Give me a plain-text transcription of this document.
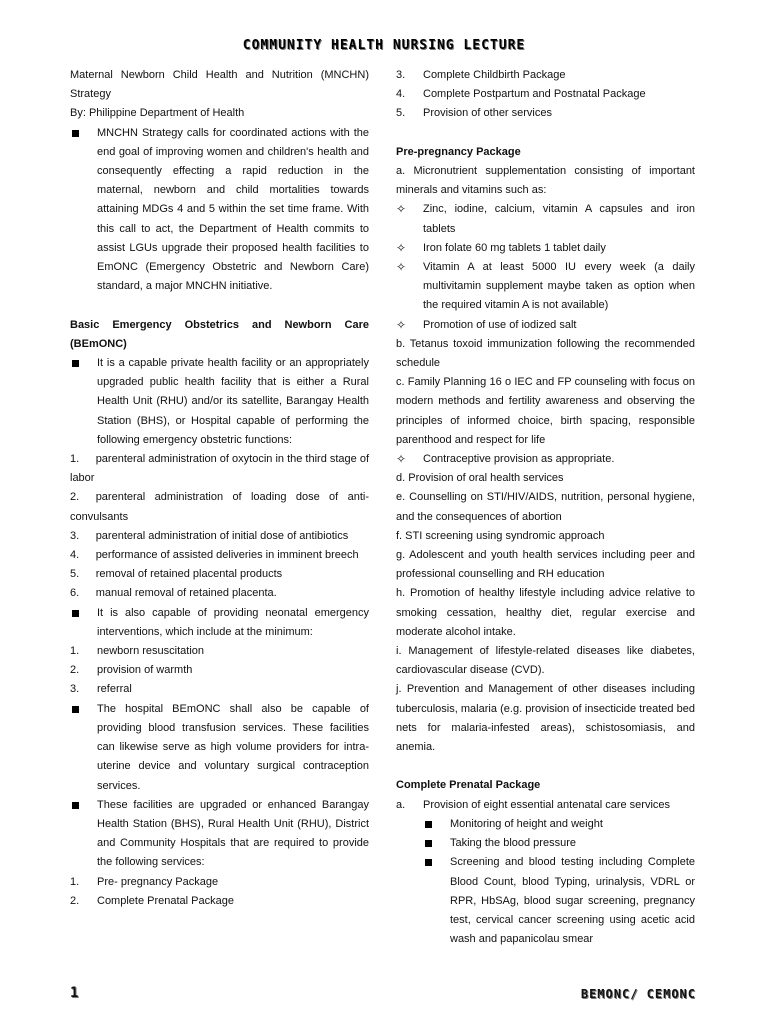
COMMUNITY HEALTH NURSING LECTURE

Maternal Newborn Child Health and Nutrition (MNCHN) Strategy

By: Philippine Department of Health

MNCHN Strategy calls for coordinated actions with the end goal of improving women and children's health and consequently effecting a rapid reduction in the maternal, newborn and child mortalities towards attaining MDGs 4 and 5 within the set time frame. With this call to act, the Department of Health commits to assist LGUs upgrade their proposed health facilities to EmONC (Emergency Obstetric and Newborn Care) standard, a major MNCHN initiative.

Basic Emergency Obstetrics and Newborn Care (BEmONC)

It is a capable private health facility or an appropriately upgraded public health facility that is either a Rural Health Unit (RHU) and/or its satellite, Barangay Health Station (BHS), or Hospital capable of performing the following emergency obstetric functions:

1.   parenteral administration of oxytocin in the third stage of labor

2.   parenteral administration of loading dose of anti-convulsants

3.   parenteral administration of initial dose of antibiotics

4.   performance of assisted deliveries in imminent breech

5.   removal of retained placental products

6.   manual removal of retained placenta.

It is also capable of providing neonatal emergency interventions, which include at the minimum:
1. newborn resuscitation
2. provision of warmth
3. referral
The hospital BEmONC shall also be capable of providing blood transfusion services. These facilities can likewise serve as high volume providers for intra-uterine device and voluntary surgical contraception services.
These facilities are upgraded or enhanced Barangay Health Station (BHS), Rural Health Unit (RHU), District and Community Hospitals that are required to provide the following services:
1. Pre- pregnancy Package
2. Complete Prenatal Package
3. Complete Childbirth Package
4. Complete Postpartum and Postnatal Package
5. Provision of other services

Pre-pregnancy Package

a. Micronutrient supplementation consisting of important minerals and vitamins such as:

✧ Zinc, iodine, calcium, vitamin A capsules and iron tablets
✧ Iron folate 60 mg tablets 1 tablet daily
✧ Vitamin A at least 5000 IU every week (a daily multivitamin supplement maybe taken as option when the required vitamin A is not available)
✧ Promotion of use of iodized salt

b. Tetanus toxoid immunization following the recommended schedule

c. Family Planning 16 o IEC and FP counseling with focus on modern methods and fertility awareness and observing the principles of informed choice, birth spacing, responsible parenthood and respect for life

✧ Contraceptive provision as appropriate.

d. Provision of oral health services

e. Counselling on STI/HIV/AIDS, nutrition, personal hygiene, and the consequences of abortion

f. STI screening using syndromic approach

g. Adolescent and youth health services including peer and professional counselling and RH education

h. Promotion of healthy lifestyle including advice relative to smoking cessation, healthy diet, regular exercise and moderate alcohol intake.

i. Management of lifestyle-related diseases like diabetes, cardiovascular disease (CVD).

j. Prevention and Management of other diseases including tuberculosis, malaria (e.g. provision of insecticide treated bed nets for malaria-infested areas), schistosomiasis, and anemia.

Complete Prenatal Package

a. Provision of eight essential antenatal care services
Monitoring of height and weight
Taking the blood pressure
Screening and blood testing including Complete Blood Count, blood Typing, urinalysis, VDRL or RPR, HbSAg, blood sugar screening, pregnancy test, cervical cancer screening using acetic acid wash and papanicolau smear
1	BEMONC/ CEMONC
